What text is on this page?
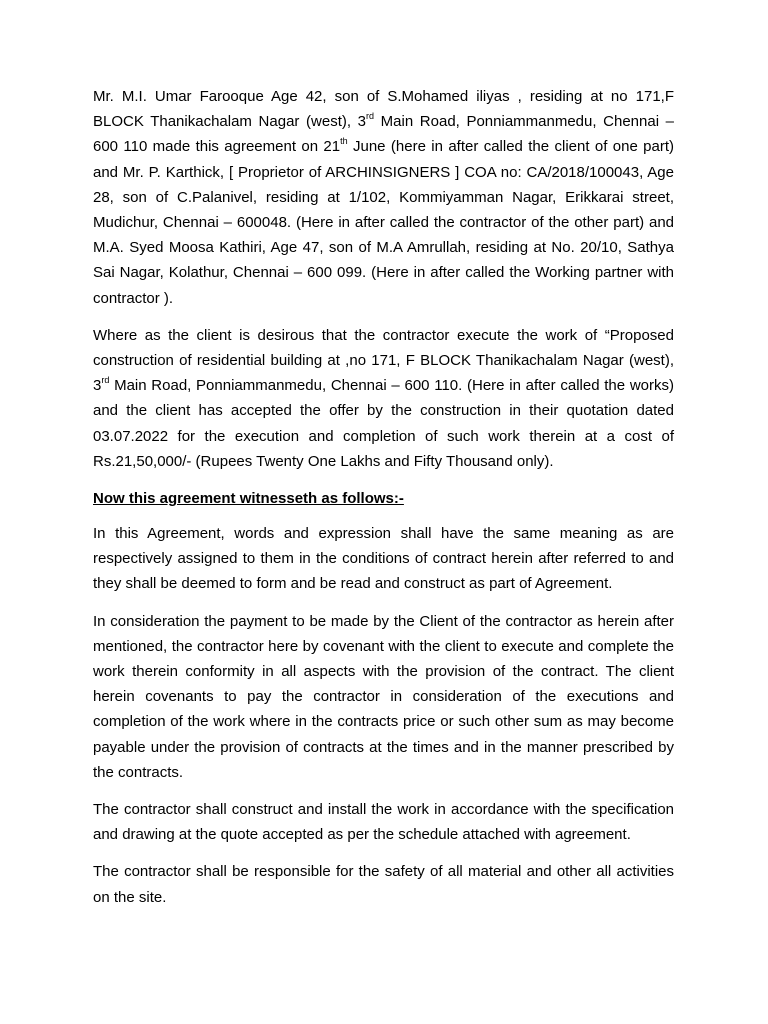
Mr. M.I. Umar Farooque Age 42, son of S.Mohamed iliyas , residing at no 171,F BLOCK Thanikachalam Nagar (west), 3rd Main Road, Ponniammanmedu, Chennai – 600 110 made this agreement on 21th June (here in after called the client of one part) and Mr. P. Karthick, [ Proprietor of ARCHINSIGNERS ] COA no: CA/2018/100043, Age 28, son of C.Palanivel, residing at 1/102, Kommiyamman Nagar, Erikkarai street, Mudichur, Chennai – 600048. (Here in after called the contractor of the other part) and M.A. Syed Moosa Kathiri, Age 47, son of M.A Amrullah, residing at No. 20/10, Sathya Sai Nagar, Kolathur, Chennai – 600 099. (Here in after called the Working partner with contractor ).

Where as the client is desirous that the contractor execute the work of “Proposed construction of residential building at ,no 171, F BLOCK Thanikachalam Nagar (west), 3rd Main Road, Ponniammanmedu, Chennai – 600 110. (Here in after called the works) and the client has accepted the offer by the construction in their quotation dated 03.07.2022 for the execution and completion of such work therein at a cost of Rs.21,50,000/- (Rupees Twenty One Lakhs and Fifty Thousand only).

Now this agreement witnesseth as follows:-

In this Agreement, words and expression shall have the same meaning as are respectively assigned to them in the conditions of contract herein after referred to and they shall be deemed to form and be read and construct as part of Agreement.

In consideration the payment to be made by the Client of the contractor as herein after mentioned, the contractor here by covenant with the client to execute and complete the work therein conformity in all aspects with the provision of the contract. The client herein covenants to pay the contractor in consideration of the executions and completion of the work where in the contracts price or such other sum as may become payable under the provision of contracts at the times and in the manner prescribed by the contracts.

The contractor shall construct and install the work in accordance with the specification and drawing at the quote accepted as per the schedule attached with agreement.

The contractor shall be responsible for the safety of all material and other all activities on the site.
